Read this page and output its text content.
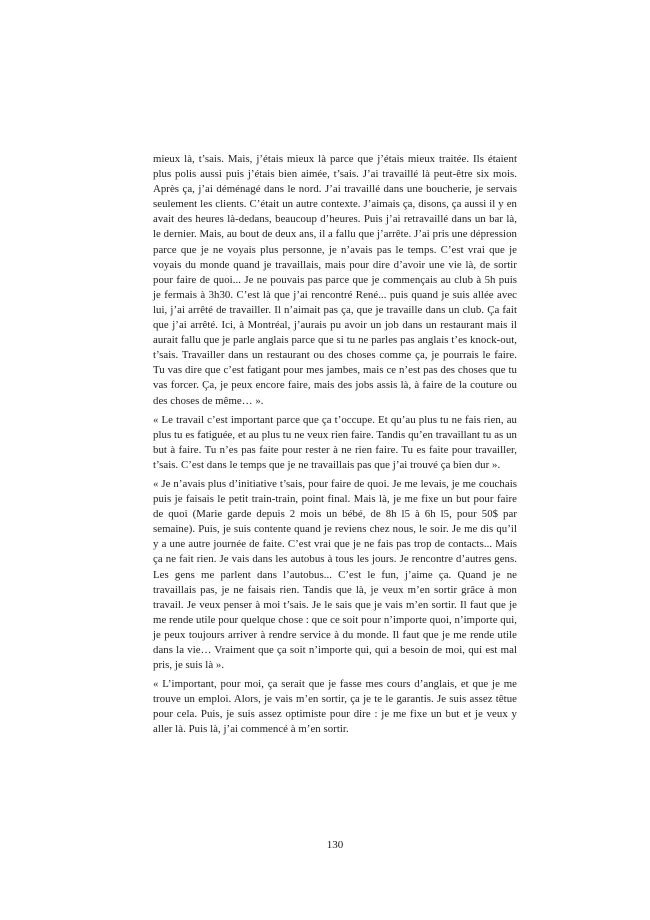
mieux là, t’sais. Mais, j’étais mieux là parce que j’étais mieux traitée. Ils étaient plus polis aussi puis j’étais bien aimée, t’sais. J’ai travaillé là peut-être six mois. Après ça, j’ai déménagé dans le nord. J’ai travaillé dans une boucherie, je servais seulement les clients. C’était un autre contexte. J’aimais ça, disons, ça aussi il y en avait des heures là-dedans, beaucoup d’heures. Puis j’ai retravaillé dans un bar là, le dernier. Mais, au bout de deux ans, il a fallu que j’arrête. J’ai pris une dépression parce que je ne voyais plus personne, je n’avais pas le temps. C’est vrai que je voyais du monde quand je travaillais, mais pour dire d’avoir une vie là, de sortir pour faire de quoi... Je ne pouvais pas parce que je commençais au club à 5h puis je fermais à 3h30. C’est là que j’ai rencontré René... puis quand je suis allée avec lui, j’ai arrêté de travailler. Il n’aimait pas ça, que je travaille dans un club. Ça fait que j’ai arrêté. Ici, à Montréal, j’aurais pu avoir un job dans un restaurant mais il aurait fallu que je parle anglais parce que si tu ne parles pas anglais t’es knock-out, t’sais. Travailler dans un restaurant ou des choses comme ça, je pourrais le faire. Tu vas dire que c’est fatigant pour mes jambes, mais ce n’est pas des choses que tu vas forcer. Ça, je peux encore faire, mais des jobs assis là, à faire de la couture ou des choses de même… ».

« Le travail c’est important parce que ça t’occupe. Et qu’au plus tu ne fais rien, au plus tu es fatiguée, et au plus tu ne veux rien faire. Tandis qu’en travaillant tu as un but à faire. Tu n’es pas faite pour rester à ne rien faire. Tu es faite pour travailler, t’sais. C’est dans le temps que je ne travaillais pas que j’ai trouvé ça bien dur ».

« Je n’avais plus d’initiative t’sais, pour faire de quoi. Je me levais, je me couchais puis je faisais le petit train-train, point final. Mais là, je me fixe un but pour faire de quoi (Marie garde depuis 2 mois un bébé, de 8h l5 à 6h l5, pour 50$ par semaine). Puis, je suis contente quand je reviens chez nous, le soir. Je me dis qu’il y a une autre journée de faite. C’est vrai que je ne fais pas trop de contacts... Mais ça ne fait rien. Je vais dans les autobus à tous les jours. Je rencontre d’autres gens. Les gens me parlent dans l’autobus... C’est le fun, j’aime ça. Quand je ne travaillais pas, je ne faisais rien. Tandis que là, je veux m’en sortir grâce à mon travail. Je veux penser à moi t’sais. Je le sais que je vais m’en sortir. Il faut que je me rende utile pour quelque chose : que ce soit pour n’importe quoi, n’importe qui, je peux toujours arriver à rendre service à du monde. Il faut que je me rende utile dans la vie… Vraiment que ça soit n’importe qui, qui a besoin de moi, qui est mal pris, je suis là ».

« L’important, pour moi, ça serait que je fasse mes cours d’anglais, et que je me trouve un emploi. Alors, je vais m’en sortir, ça je te le garantis. Je suis assez têtue pour cela. Puis, je suis assez optimiste pour dire : je me fixe un but et je veux y aller là. Puis là, j’ai commencé à m’en sortir.

130
